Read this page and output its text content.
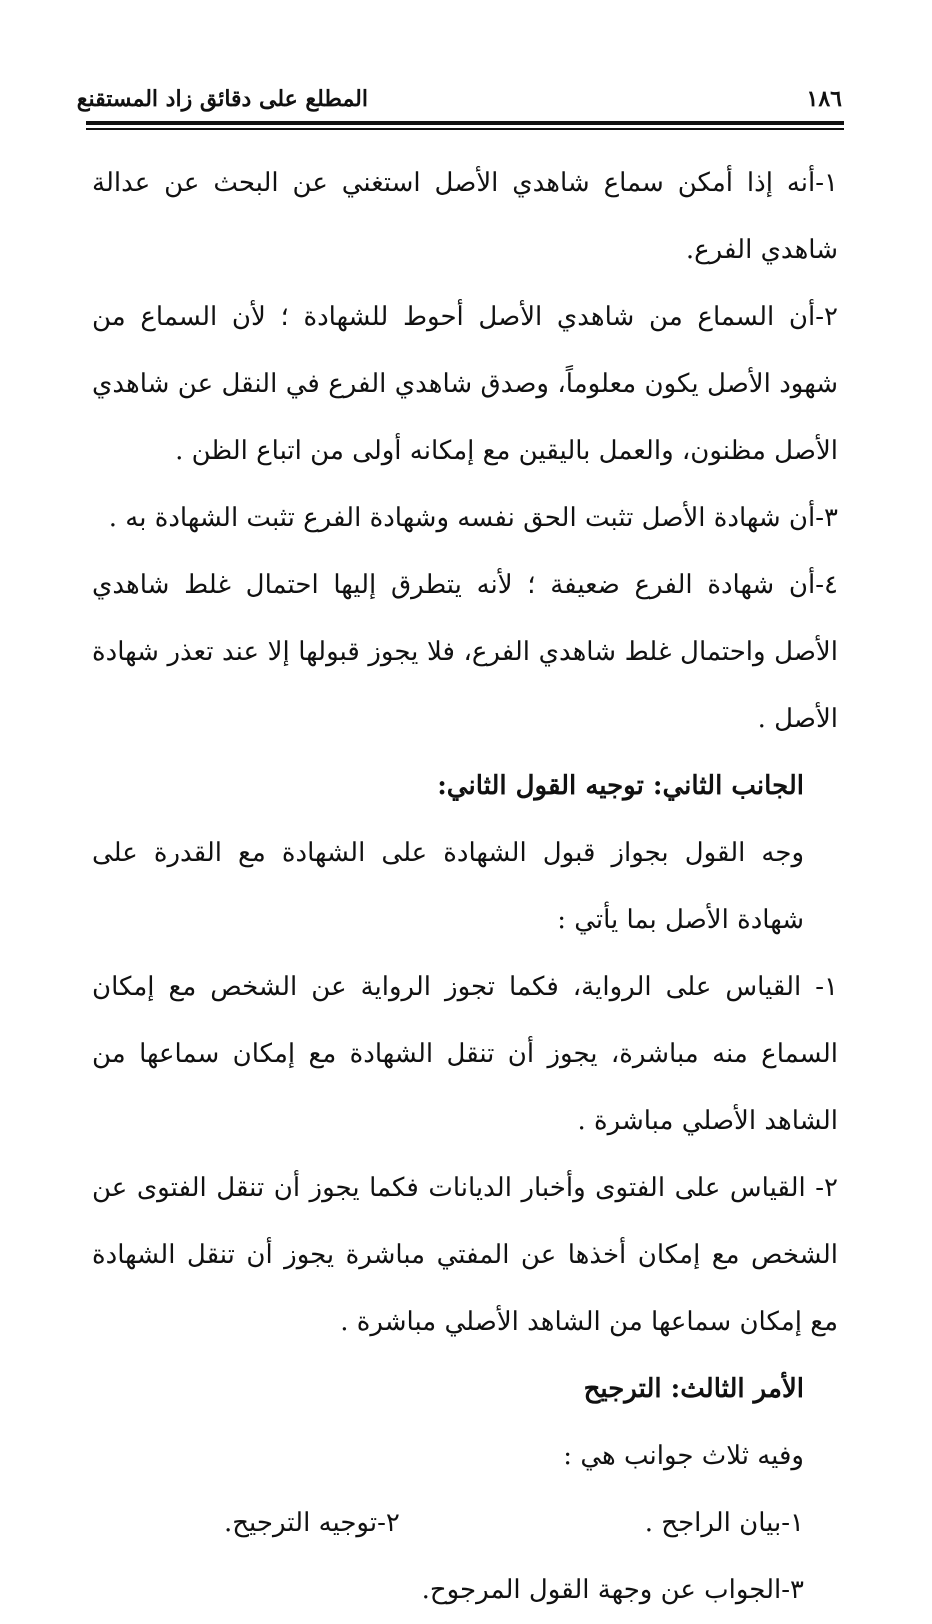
١٨٦
المطلع على دقائق زاد المستقنع

١-أنه إذا أمكن سماع شاهدي الأصل استغني عن البحث عن عدالة شاهدي الفرع.

٢-أن السماع من شاهدي الأصل أحوط للشهادة ؛ لأن السماع من شهود الأصل يكون معلوماً، وصدق شاهدي الفرع في النقل عن شاهدي الأصل مظنون، والعمل باليقين مع إمكانه أولى من اتباع الظن .

٣-أن شهادة الأصل تثبت الحق نفسه وشهادة الفرع تثبت الشهادة به .

٤-أن شهادة الفرع ضعيفة ؛ لأنه يتطرق إليها احتمال غلط شاهدي الأصل واحتمال غلط شاهدي الفرع، فلا يجوز قبولها إلا عند تعذر شهادة الأصل .

الجانب الثاني: توجيه القول الثاني:

وجه القول بجواز قبول الشهادة على الشهادة مع القدرة على شهادة الأصل بما يأتي :

١- القياس على الرواية، فكما تجوز الرواية عن الشخص مع إمكان السماع منه مباشرة، يجوز أن تنقل الشهادة مع إمكان سماعها من الشاهد الأصلي مباشرة .

٢- القياس على الفتوى وأخبار الديانات فكما يجوز أن تنقل الفتوى عن الشخص مع إمكان أخذها عن المفتي مباشرة يجوز أن تنقل الشهادة مع إمكان سماعها من الشاهد الأصلي مباشرة .

الأمر الثالث: الترجيح

وفيه ثلاث جوانب هي :

١-بيان الراجح .
٢-توجيه الترجيح.

٣-الجواب عن وجهة القول المرجوح.
